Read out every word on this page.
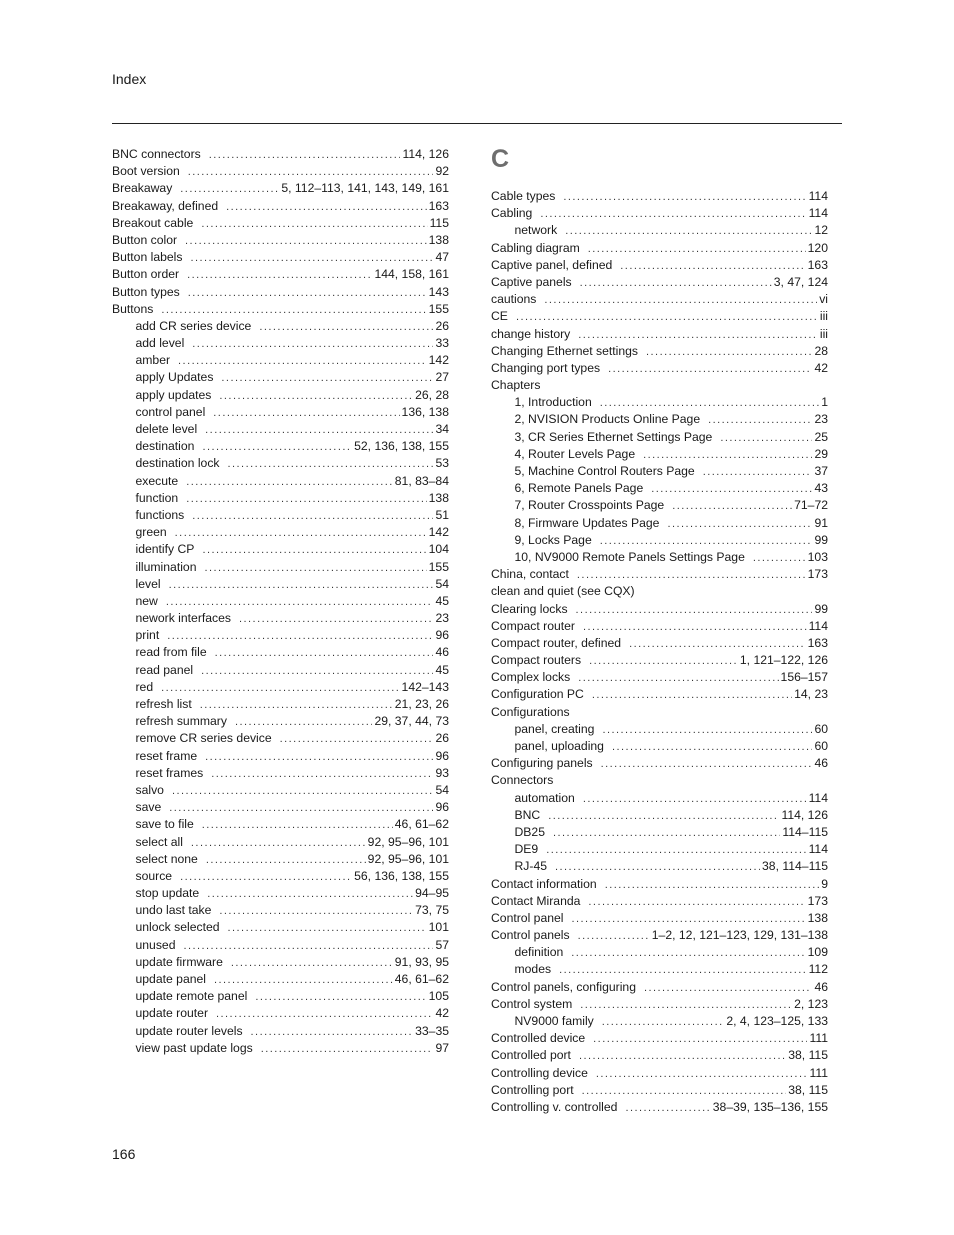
Index
BNC connectors . . .	114, 126
Boot version . . .	92
Breakaway . . .	5, 112–113, 141, 143, 149, 161
Breakaway, defined . . .	163
Breakout cable . . .	115
Button color . . .	138
Button labels . . .	47
Button order . . .	144, 158, 161
Button types . . .	143
Buttons . . .	155
add CR series device . . .	26
add level . . .	33
amber . . .	142
apply Updates . . .	27
apply updates . . .	26, 28
control panel . . .	136, 138
delete level . . .	34
destination . . .	52, 136, 138, 155
destination lock . . .	53
execute . . .	81, 83–84
function . . .	138
functions . . .	51
green . . .	142
identify CP . . .	104
illumination . . .	155
level . . .	54
new . . .	45
nework interfaces . . .	23
print . . .	96
read from file . . .	46
read panel . . .	45
red . . .	142–143
refresh list . . .	21, 23, 26
refresh summary . . .	29, 37, 44, 73
remove CR series device . . .	26
reset frame . . .	96
reset frames . . .	93
salvo . . .	54
save . . .	96
save to file . . .	46, 61–62
select all . . .	92, 95–96, 101
select none . . .	92, 95–96, 101
source . . .	56, 136, 138, 155
stop update . . .	94–95
undo last take . . .	73, 75
unlock selected . . .	101
unused . . .	57
update firmware . . .	91, 93, 95
update panel . . .	46, 61–62
update remote panel . . .	105
update router . . .	42
update router levels . . .	33–35
view past update logs . . .	97
C
Cable types . . .	114
Cabling . . .	114
network . . .	12
Cabling diagram . . .	120
Captive panel, defined . . .	163
Captive panels . . .	3, 47, 124
cautions . . .	vi
CE . . .	iii
change history . . .	iii
Changing Ethernet settings . . .	28
Changing port types . . .	42
Chapters
1, Introduction . . .	1
2, NVISION Products Online Page . . .	23
3, CR Series Ethernet Settings Page . . .	25
4, Router Levels Page . . .	29
5, Machine Control Routers Page . . .	37
6, Remote Panels Page . . .	43
7, Router Crosspoints Page . . .	71–72
8, Firmware Updates Page . . .	91
9, Locks Page . . .	99
10, NV9000 Remote Panels Settings Page . . .	103
China, contact . . .	173
clean and quiet (see CQX)
Clearing locks . . .	99
Compact router . . .	114
Compact router, defined . . .	163
Compact routers . . .	1, 121–122, 126
Complex locks . . .	156–157
Configuration PC . . .	14, 23
Configurations
panel, creating . . .	60
panel, uploading . . .	60
Configuring panels . . .	46
Connectors
automation . . .	114
BNC . . .	114, 126
DB25 . . .	114–115
DE9 . . .	114
RJ-45 . . .	38, 114–115
Contact information . . .	9
Contact Miranda . . .	173
Control panel . . .	138
Control panels . . .	1–2, 12, 121–123, 129, 131–138
definition . . .	109
modes . . .	112
Control panels, configuring . . .	46
Control system . . .	2, 123
NV9000 family . . .	2, 4, 123–125, 133
Controlled device . . .	111
Controlled port . . .	38, 115
Controlling device . . .	111
Controlling port . . .	38, 115
Controlling v. controlled . . .	38–39, 135–136, 155
166
